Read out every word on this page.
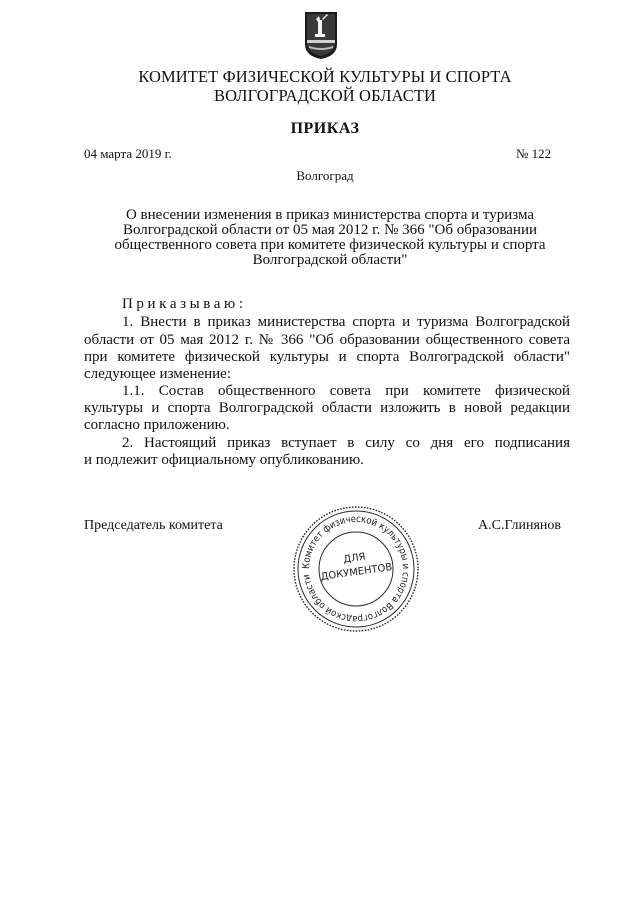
КОМИТЕТ ФИЗИЧЕСКОЙ КУЛЬТУРЫ И СПОРТА
ВОЛГОГРАДСКОЙ ОБЛАСТИ
ПРИКАЗ
04 марта 2019 г.	№ 122
Волгоград
О внесении изменения в приказ министерства спорта и туризма
Волгоградской области от 05 мая 2012 г. № 366 "Об образовании
общественного совета при комитете физической культуры и спорта
Волгоградской области"
Приказываю:
1. Внести в приказ министерства спорта и туризма Волгоградской
области от 05 мая 2012 г. № 366 "Об образовании общественного совета
при комитете физической культуры и спорта Волгоградской области"
следующее изменение:
1.1. Состав общественного совета при комитете физической
культуры и спорта Волгоградской области изложить в новой редакции
согласно приложению.
2. Настоящий приказ вступает в силу со дня его подписания
и подлежит официальному опубликованию.
Председатель комитета	А.С.Глинянов
Комитет физической культуры и спорта Волгоградской области
ДЛЯ
ДОКУМЕНТОВ
